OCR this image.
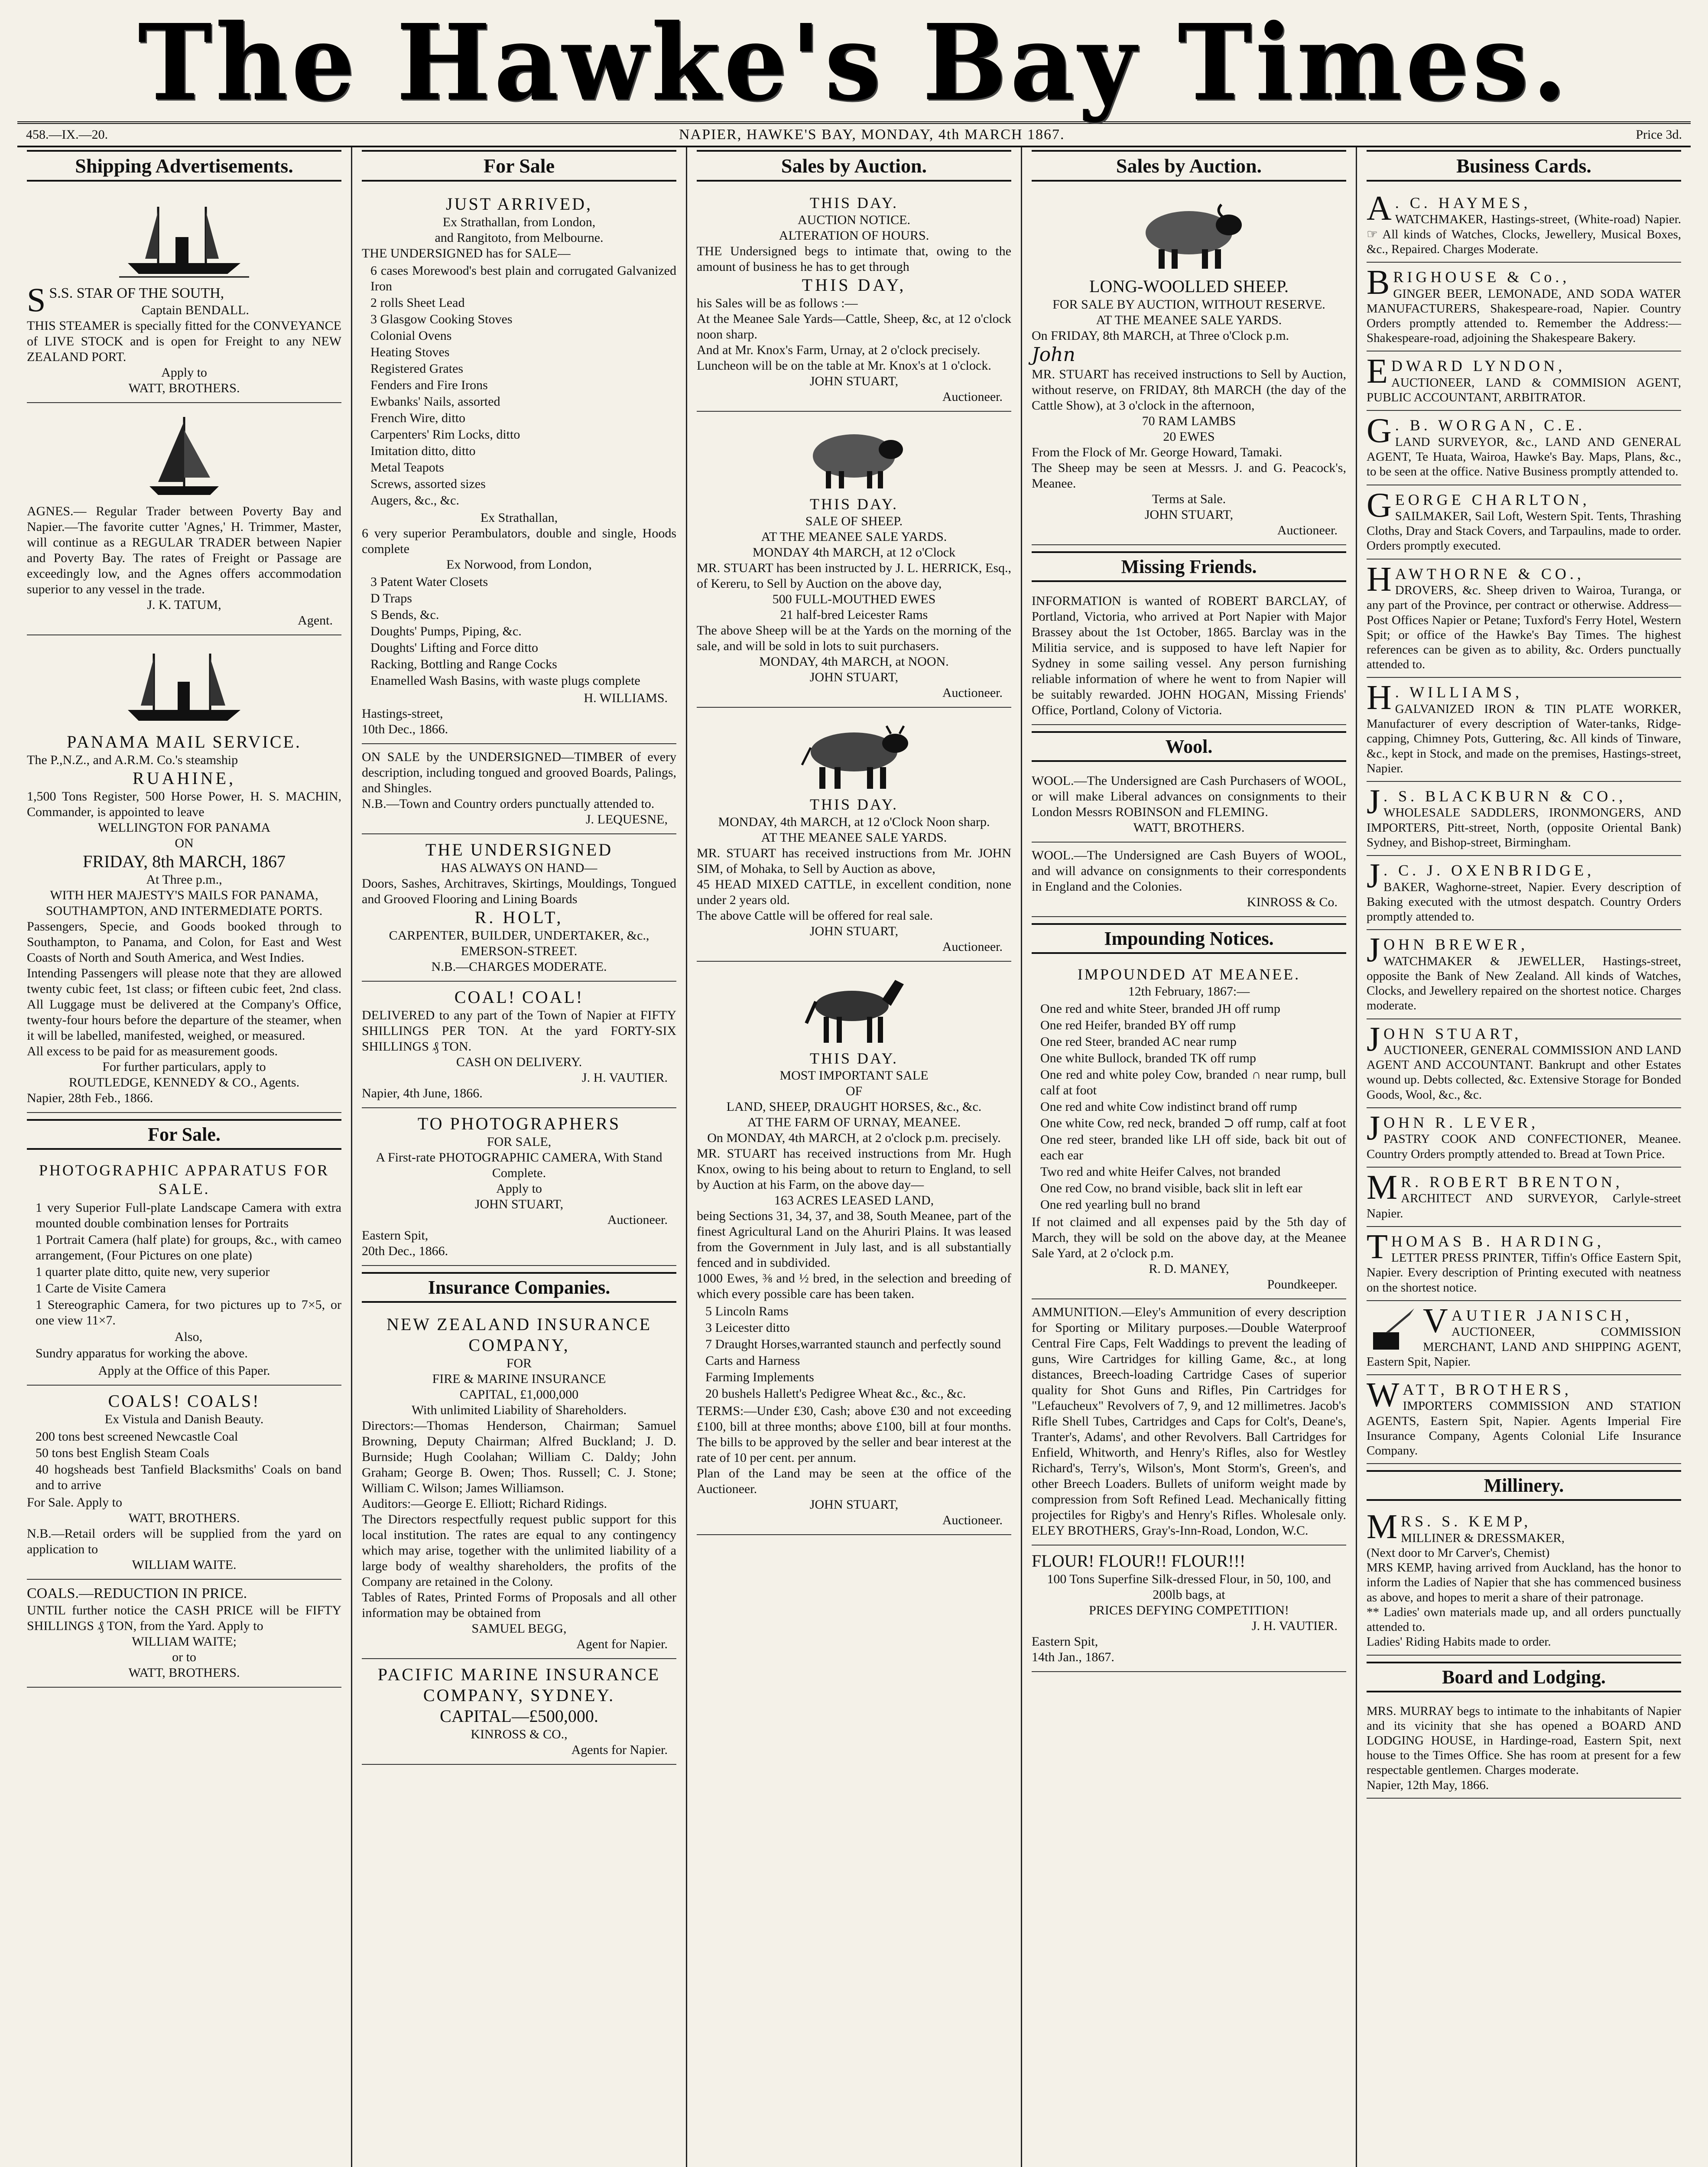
The Hawke's Bay Times.
458.—IX.—20.	NAPIER, HAWKE'S BAY, MONDAY, 4th MARCH 1867.	Price 3d.
Shipping Advertisements.
S S.S. STAR OF THE SOUTH,
Captain BENDALL.
THIS STEAMER is specially fitted for the CONVEYANCE of LIVE STOCK and is open for Freight to any NEW ZEALAND PORT.
Apply to
WATT, BROTHERS.
AGNES.— Regular Trader between Poverty Bay and Napier.—The favorite cutter 'Agnes,' H. Trimmer, Master, will continue as a REGULAR TRADER between Napier and Poverty Bay. The rates of Freight or Passage are exceedingly low, and the Agnes offers accommodation superior to any vessel in the trade.
J. K. TATUM,
Agent.
PANAMA MAIL SERVICE.
The P.,N.Z., and A.R.M. Co.'s steamship
RUAHINE,
1,500 Tons Register, 500 Horse Power, H. S. MACHIN, Commander, is appointed to leave
WELLINGTON FOR PANAMA
ON
FRIDAY, 8th MARCH, 1867
At Three p.m.,
WITH HER MAJESTY'S MAILS FOR PANAMA, SOUTHAMPTON, AND INTERMEDIATE PORTS.
Passengers, Specie, and Goods booked through to Southampton, to Panama, and Colon, for East and West Coasts of North and South America, and West Indies.
Intending Passengers will please note that they are allowed twenty cubic feet, 1st class; or fifteen cubic feet, 2nd class. All Luggage must be delivered at the Company's Office, twenty-four hours before the departure of the steamer, when it will be labelled, manifested, weighed, or measured.
All excess to be paid for as measurement goods.
For further particulars, apply to
ROUTLEDGE, KENNEDY & CO., Agents.
Napier, 28th Feb., 1866.
For Sale.
PHOTOGRAPHIC APPARATUS FOR SALE.
1 very Superior Full-plate Landscape Camera with extra mounted double combination lenses for Portraits
1 Portrait Camera (half plate) for groups, &c., with cameo arrangement, (Four Pictures on one plate)
1 quarter plate ditto, quite new, very superior
1 Carte de Visite Camera
1 Stereographic Camera, for two pictures up to 7×5, or one view 11×7.
Also,
Sundry apparatus for working the above.
Apply at the Office of this Paper.
COALS! COALS!
Ex Vistula and Danish Beauty.
200 tons best screened Newcastle Coal
50 tons best English Steam Coals
40 hogsheads best Tanfield Blacksmiths' Coals on band and to arrive
For Sale. Apply to
WATT, BROTHERS.
N.B.—Retail orders will be supplied from the yard on application to
WILLIAM WAITE.
COALS.—REDUCTION IN PRICE.
UNTIL further notice the CASH PRICE will be FIFTY SHILLINGS ₰ TON, from the Yard. Apply to
WILLIAM WAITE;
or to
WATT, BROTHERS.
For Sale
JUST ARRIVED,
Ex Strathallan, from London,
and Rangitoto, from Melbourne.
THE UNDERSIGNED has for SALE—
6 cases Morewood's best plain and corrugated Galvanized Iron
2 rolls Sheet Lead
3 Glasgow Cooking Stoves
Colonial Ovens
Heating Stoves
Registered Grates
Fenders and Fire Irons
Ewbanks' Nails, assorted
French Wire, ditto
Carpenters' Rim Locks, ditto
Imitation ditto, ditto
Metal Teapots
Screws, assorted sizes
Augers, &c., &c.
Ex Strathallan,
6 very superior Perambulators, double and single, Hoods complete
Ex Norwood, from London,
3 Patent Water Closets
D Traps
S Bends, &c.
Doughts' Pumps, Piping, &c.
Doughts' Lifting and Force ditto
Racking, Bottling and Range Cocks
Enamelled Wash Basins, with waste plugs complete
H. WILLIAMS.
Hastings-street,
10th Dec., 1866.
ON SALE by the UNDERSIGNED—TIMBER of every description, including tongued and grooved Boards, Palings, and Shingles.
N.B.—Town and Country orders punctually attended to.
J. LEQUESNE,
THE UNDERSIGNED
HAS ALWAYS ON HAND—
Doors, Sashes, Architraves, Skirtings, Mouldings, Tongued and Grooved Flooring and Lining Boards
R. HOLT,
CARPENTER, BUILDER, UNDERTAKER, &c.,
EMERSON-STREET.
N.B.—CHARGES MODERATE.
COAL! COAL!
DELIVERED to any part of the Town of Napier at FIFTY SHILLINGS PER TON. At the yard FORTY-SIX SHILLINGS ₰ TON.
CASH ON DELIVERY.
J. H. VAUTIER.
Napier, 4th June, 1866.
TO PHOTOGRAPHERS
FOR SALE,
A First-rate PHOTOGRAPHIC CAMERA, With Stand Complete.
Apply to
JOHN STUART,
Auctioneer.
Eastern Spit,
20th Dec., 1866.
Insurance Companies.
NEW ZEALAND INSURANCE COMPANY,
FOR
FIRE & MARINE INSURANCE
CAPITAL, £1,000,000
With unlimited Liability of Shareholders.
Directors:—Thomas Henderson, Chairman; Samuel Browning, Deputy Chairman; Alfred Buckland; J. D. Burnside; Hugh Coolahan; William C. Daldy; John Graham; George B. Owen; Thos. Russell; C. J. Stone; William C. Wilson; James Williamson.
Auditors:—George E. Elliott; Richard Ridings.
The Directors respectfully request public support for this local institution. The rates are equal to any contingency which may arise, together with the unlimited liability of a large body of wealthy shareholders, the profits of the Company are retained in the Colony.
Tables of Rates, Printed Forms of Proposals and all other information may be obtained from
SAMUEL BEGG,
Agent for Napier.
PACIFIC MARINE INSURANCE COMPANY, SYDNEY.
CAPITAL—£500,000.
KINROSS & CO.,
Agents for Napier.
Sales by Auction.
THIS DAY.
AUCTION NOTICE.
ALTERATION OF HOURS.
THE Undersigned begs to intimate that, owing to the amount of business he has to get through
THIS DAY,
his Sales will be as follows :—
At the Meanee Sale Yards—Cattle, Sheep, &c, at 12 o'clock noon sharp.
And at Mr. Knox's Farm, Urnay, at 2 o'clock precisely.
Luncheon will be on the table at Mr. Knox's at 1 o'clock.
JOHN STUART,
Auctioneer.
THIS DAY.
SALE OF SHEEP.
AT THE MEANEE SALE YARDS.
MONDAY 4th MARCH, at 12 o'Clock
MR. STUART has been instructed by J. L. HERRICK, Esq., of Kereru, to Sell by Auction on the above day,
500 FULL-MOUTHED EWES
21 half-bred Leicester Rams
The above Sheep will be at the Yards on the morning of the sale, and will be sold in lots to suit purchasers.
MONDAY, 4th MARCH, at NOON.
JOHN STUART,
Auctioneer.
THIS DAY.
MONDAY, 4th MARCH, at 12 o'Clock Noon sharp.
AT THE MEANEE SALE YARDS.
MR. STUART has received instructions from Mr. JOHN SIM, of Mohaka, to Sell by Auction as above,
45 HEAD MIXED CATTLE, in excellent condition, none under 2 years old.
The above Cattle will be offered for real sale.
JOHN STUART,
Auctioneer.
THIS DAY.
MOST IMPORTANT SALE
OF
LAND, SHEEP, DRAUGHT HORSES, &c., &c.
AT THE FARM OF URNAY, MEANEE.
On MONDAY, 4th MARCH, at 2 o'clock p.m. precisely.
MR. STUART has received instructions from Mr. Hugh Knox, owing to his being about to return to England, to sell by Auction at his Farm, on the above day—
163 ACRES LEASED LAND,
being Sections 31, 34, 37, and 38, South Meanee, part of the finest Agricultural Land on the Ahuriri Plains. It was leased from the Government in July last, and is all substantially fenced and in subdivided.
1000 Ewes, ⅜ and ½ bred, in the selection and breeding of which every possible care has been taken.
5 Lincoln Rams
3 Leicester ditto
7 Draught Horses,warranted staunch and perfectly sound
Carts and Harness
Farming Implements
20 bushels Hallett's Pedigree Wheat &c., &c., &c.
TERMS:—Under £30, Cash; above £30 and not exceeding £100, bill at three months; above £100, bill at four months. The bills to be approved by the seller and bear interest at the rate of 10 per cent. per annum.
Plan of the Land may be seen at the office of the Auctioneer.
JOHN STUART,
Auctioneer.
Sales by Auction.
LONG-WOOLLED SHEEP.
FOR SALE BY AUCTION, WITHOUT RESERVE.
AT THE MEANEE SALE YARDS.
On FRIDAY, 8th MARCH, at Three o'Clock p.m.
John
MR. STUART has received instructions to Sell by Auction, without reserve, on FRIDAY, 8th MARCH (the day of the Cattle Show), at 3 o'clock in the afternoon,
70 RAM LAMBS
20 EWES
From the Flock of Mr. George Howard, Tamaki.
The Sheep may be seen at Messrs. J. and G. Peacock's, Meanee.
Terms at Sale.
JOHN STUART,
Auctioneer.
Missing Friends.
INFORMATION is wanted of ROBERT BARCLAY, of Portland, Victoria, who arrived at Port Napier with Major Brassey about the 1st October, 1865. Barclay was in the Militia service, and is supposed to have left Napier for Sydney in some sailing vessel. Any person furnishing reliable information of where he went to from Napier will be suitably rewarded. JOHN HOGAN, Missing Friends' Office, Portland, Colony of Victoria.
Wool.
WOOL.—The Undersigned are Cash Purchasers of WOOL, or will make Liberal advances on consignments to their London Messrs ROBINSON and FLEMING.
WATT, BROTHERS.
WOOL.—The Undersigned are Cash Buyers of WOOL, and will advance on consignments to their correspondents in England and the Colonies.
KINROSS & Co.
Impounding Notices.
IMPOUNDED AT MEANEE.
12th February, 1867:—
One red and white Steer, branded JH off rump
One red Heifer, branded BY off rump
One red Steer, branded AC near rump
One white Bullock, branded TK off rump
One red and white poley Cow, branded ∩ near rump, bull calf at foot
One red and white Cow indistinct brand off rump
One white Cow, red neck, branded ⊃ off rump, calf at foot
One red steer, branded like LH off side, back bit out of each ear
Two red and white Heifer Calves, not branded
One red Cow, no brand visible, back slit in left ear
One red yearling bull no brand
If not claimed and all expenses paid by the 5th day of March, they will be sold on the above day, at the Meanee Sale Yard, at 2 o'clock p.m.
R. D. MANEY,
Poundkeeper.
AMMUNITION.—Eley's Ammunition of every description for Sporting or Military purposes.—Double Waterproof Central Fire Caps, Felt Waddings to prevent the leading of guns, Wire Cartridges for killing Game, &c., at long distances, Breech-loading Cartridge Cases of superior quality for Shot Guns and Rifles, Pin Cartridges for "Lefaucheux" Revolvers of 7, 9, and 12 millimetres. Jacob's Rifle Shell Tubes, Cartridges and Caps for Colt's, Deane's, Tranter's, Adams', and other Revolvers. Ball Cartridges for Enfield, Whitworth, and Henry's Rifles, also for Westley Richard's, Terry's, Wilson's, Mont Storm's, Green's, and other Breech Loaders. Bullets of uniform weight made by compression from Soft Refined Lead. Mechanically fitting projectiles for Rigby's and Henry's Rifles. Wholesale only. ELEY BROTHERS, Gray's-Inn-Road, London, W.C.
FLOUR! FLOUR!! FLOUR!!!
100 Tons Superfine Silk-dressed Flour, in 50, 100, and 200lb bags, at
PRICES DEFYING COMPETITION!
J. H. VAUTIER.
Eastern Spit,
14th Jan., 1867.
Business Cards.
A . C. HAYMES,
WATCHMAKER, Hastings-street, (White-road) Napier. ☞ All kinds of Watches, Clocks, Jewellery, Musical Boxes, &c., Repaired. Charges Moderate.
BRIGHOUSE & Co.,
GINGER BEER, LEMONADE, AND SODA WATER MANUFACTURERS, Shakespeare-road, Napier. Country Orders promptly attended to. Remember the Address:—Shakespeare-road, adjoining the Shakespeare Bakery.
EDWARD LYNDON,
AUCTIONEER, LAND & COMMISION AGENT, PUBLIC ACCOUNTANT, ARBITRATOR.
G . B. WORGAN, C.E.
LAND SURVEYOR, &c., LAND AND GENERAL AGENT, Te Huata, Wairoa, Hawke's Bay. Maps, Plans, &c., to be seen at the office. Native Business promptly attended to.
GEORGE CHARLTON,
SAILMAKER, Sail Loft, Western Spit. Tents, Thrashing Cloths, Dray and Stack Covers, and Tarpaulins, made to order. Orders promptly executed.
HAWTHORNE & CO.,
DROVERS, &c. Sheep driven to Wairoa, Turanga, or any part of the Province, per contract or otherwise. Address—Post Offices Napier or Petane; Tuxford's Ferry Hotel, Western Spit; or office of the Hawke's Bay Times. The highest references can be given as to ability, &c. Orders punctually attended to.
H . WILLIAMS,
GALVANIZED IRON & TIN PLATE WORKER, Manufacturer of every description of Water-tanks, Ridge-capping, Chimney Pots, Guttering, &c. All kinds of Tinware, &c., kept in Stock, and made on the premises, Hastings-street, Napier.
J . S. BLACKBURN & CO.,
WHOLESALE SADDLERS, IRONMONGERS, AND IMPORTERS, Pitt-street, North, (opposite Oriental Bank) Sydney, and Bishop-street, Birmingham.
J . C. J. OXENBRIDGE,
BAKER, Waghorne-street, Napier. Every description of Baking executed with the utmost despatch. Country Orders promptly attended to.
JOHN BREWER,
WATCHMAKER & JEWELLER, Hastings-street, opposite the Bank of New Zealand. All kinds of Watches, Clocks, and Jewellery repaired on the shortest notice. Charges moderate.
JOHN STUART,
AUCTIONEER, GENERAL COMMISSION AND LAND AGENT AND ACCOUNTANT. Bankrupt and other Estates wound up. Debts collected, &c. Extensive Storage for Bonded Goods, Wool, &c., &c.
JOHN R. LEVER,
PASTRY COOK AND CONFECTIONER, Meanee. Country Orders promptly attended to. Bread at Town Price.
M R. ROBERT BRENTON,
ARCHITECT AND SURVEYOR, Carlyle-street Napier.
THOMAS B. HARDING,
LETTER PRESS PRINTER, Tiffin's Office Eastern Spit, Napier. Every description of Printing executed with neatness on the shortest notice.
VAUTIER JANISCH,
AUCTIONEER, COMMISSION MERCHANT, LAND AND SHIPPING AGENT, Eastern Spit, Napier.
WATT, BROTHERS,
IMPORTERS COMMISSION AND STATION AGENTS, Eastern Spit, Napier. Agents Imperial Fire Insurance Company, Agents Colonial Life Insurance Company.
Millinery.
MRS. S. KEMP,
MILLINER & DRESSMAKER,
(Next door to Mr Carver's, Chemist)
MRS KEMP, having arrived from Auckland, has the honor to inform the Ladies of Napier that she has commenced business as above, and hopes to merit a share of their patronage.
** Ladies' own materials made up, and all orders punctually attended to.
Ladies' Riding Habits made to order.
Board and Lodging.
MRS. MURRAY begs to intimate to the inhabitants of Napier and its vicinity that she has opened a BOARD AND LODGING HOUSE, in Hardinge-road, Eastern Spit, next house to the Times Office. She has room at present for a few respectable gentlemen. Charges moderate.
Napier, 12th May, 1866.
